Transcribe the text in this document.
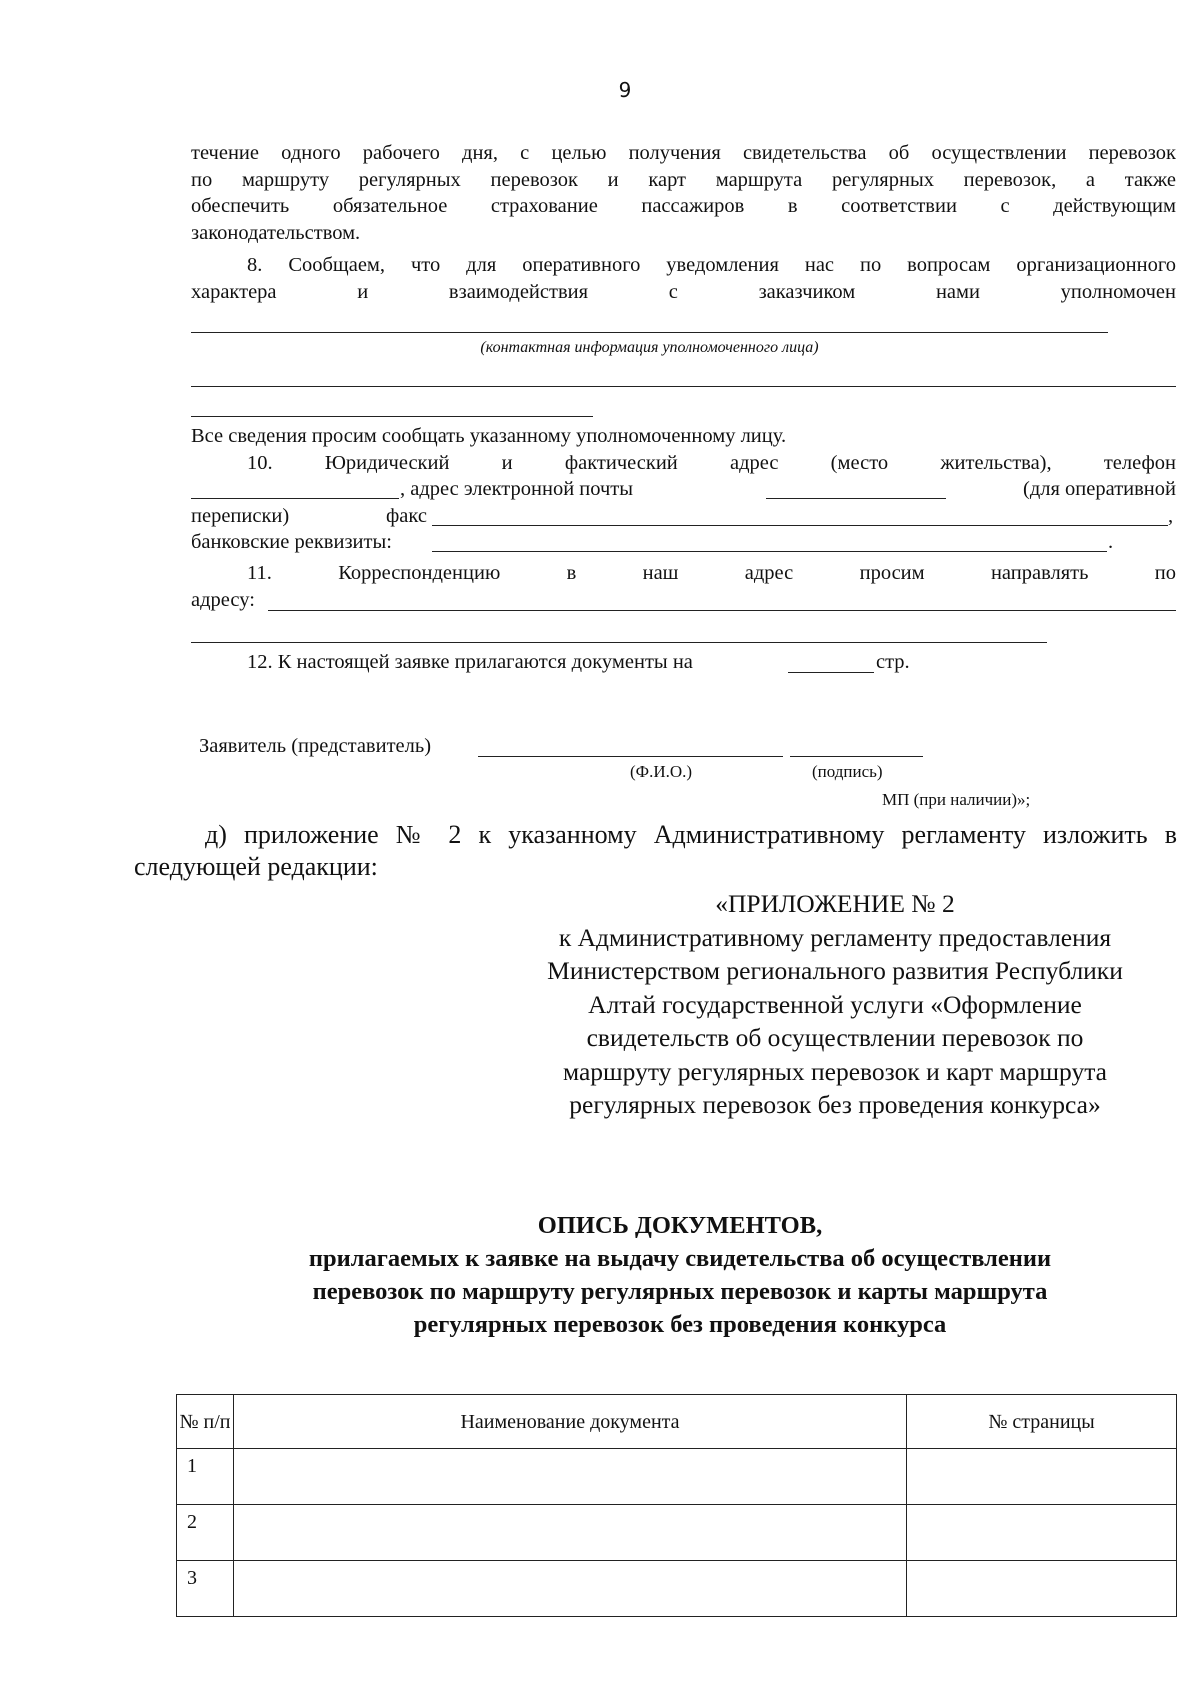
9
течение одного рабочего дня, с целью получения свидетельства об осуществлении перевозок
по маршруту регулярных перевозок и карт маршрута регулярных перевозок, а также
обеспечить обязательное страхование пассажиров в соответствии с действующим
законодательством.
8. Сообщаем, что для оперативного уведомления нас по вопросам организационного
характера и взаимодействия с заказчиком нами уполномочен
(контактная информация уполномоченного лица)
Все сведения просим сообщать указанному уполномоченному лицу.
10. Юридический и фактический адрес (место жительства), телефон
, адрес электронной почты	(для оперативной
переписки)	факс	,
банковские реквизиты:	.
11. Корреспонденцию в наш адрес просим направлять по
адресу:
12. К настоящей заявке прилагаются документы на	стр.
Заявитель (представитель)
(Ф.И.О.)	(подпись)
МП (при наличии)»;
д) приложение № 2 к указанному Административному регламенту изложить в
следующей редакции:
«ПРИЛОЖЕНИЕ № 2
к Административному регламенту предоставления
Министерством регионального развития Республики
Алтай государственной услуги «Оформление
свидетельств об осуществлении перевозок по
маршруту регулярных перевозок и карт маршрута
регулярных перевозок без проведения конкурса»
ОПИСЬ ДОКУМЕНТОВ,
прилагаемых к заявке на выдачу свидетельства об осуществлении
перевозок по маршруту регулярных перевозок и карты маршрута
регулярных перевозок без проведения конкурса
№ п/п	Наименование документа	№ страницы
1		
2		
3		
